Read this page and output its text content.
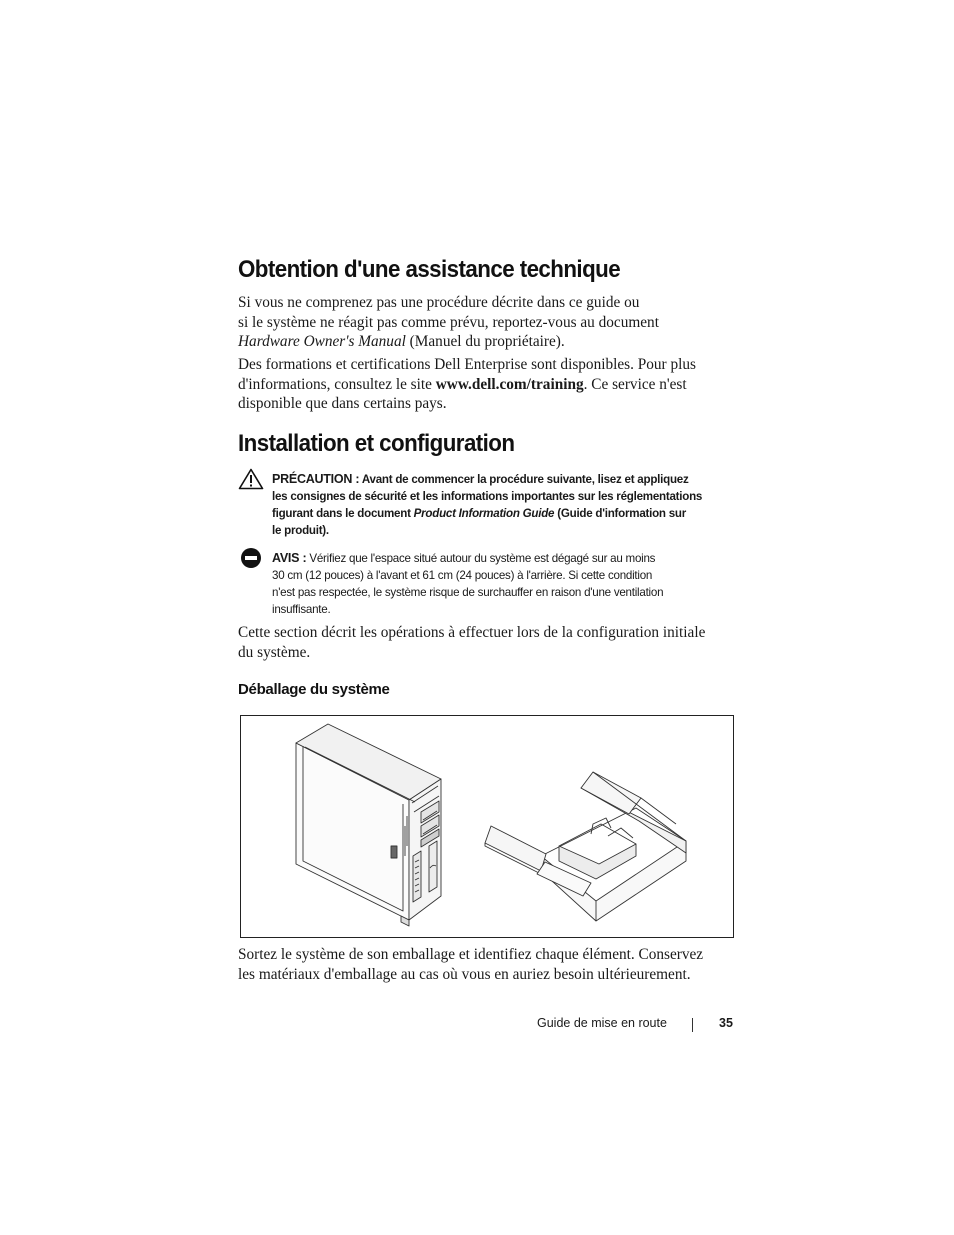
Obtention d'une assistance technique

Si vous ne comprenez pas une procédure décrite dans ce guide ou
si le système ne réagit pas comme prévu, reportez-vous au document
Hardware Owner's Manual (Manuel du propriétaire).

Des formations et certifications Dell Enterprise sont disponibles. Pour plus
d'informations, consultez le site www.dell.com/training. Ce service n'est
disponible que dans certains pays.

Installation et configuration

PRÉCAUTION : Avant de commencer la procédure suivante, lisez et appliquez
les consignes de sécurité et les informations importantes sur les réglementations
figurant dans le document Product Information Guide (Guide d'information sur
le produit).

AVIS : Vérifiez que l'espace situé autour du système est dégagé sur au moins
30 cm (12 pouces) à l'avant et 61 cm (24 pouces) à l'arrière. Si cette condition
n'est pas respectée, le système risque de surchauffer en raison d'une ventilation
insuffisante.

Cette section décrit les opérations à effectuer lors de la configuration initiale
du système.

Déballage du système

Sortez le système de son emballage et identifiez chaque élément. Conservez
les matériaux d'emballage au cas où vous en auriez besoin ultérieurement.

Guide de mise en route	35
